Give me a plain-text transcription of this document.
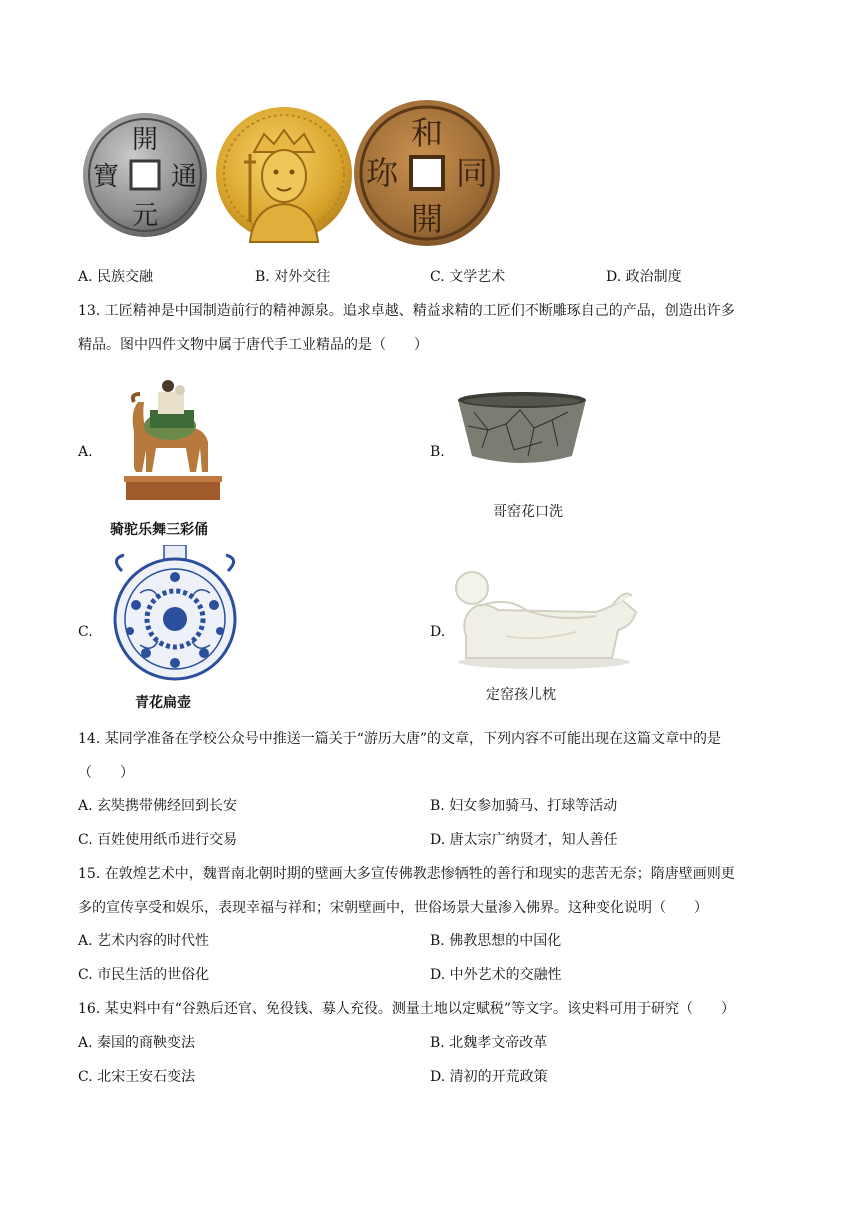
開
元
通
寶
和
同
開
珎
A. 民族交融	B. 对外交往	C. 文学艺术	D. 政治制度
13. 工匠精神是中国制造前行的精神源泉。追求卓越、精益求精的工匠们不断雕琢自己的产品，创造出许多
精品。图中四件文物中属于唐代手工业精品的是（　　）
A.
骑驼乐舞三彩俑
B.
哥窑花口洗
C.
青花扁壶
D.
定窑孩儿枕
14. 某同学准备在学校公众号中推送一篇关于“游历大唐”的文章，下列内容不可能出现在这篇文章中的是
（　　）
A. 玄奘携带佛经回到长安	B. 妇女参加骑马、打球等活动
C. 百姓使用纸币进行交易	D. 唐太宗广纳贤才，知人善任
15. 在敦煌艺术中，魏晋南北朝时期的壁画大多宣传佛教悲惨牺牲的善行和现实的悲苦无奈；隋唐壁画则更
多的宣传享受和娱乐，表现幸福与祥和；宋朝壁画中，世俗场景大量渗入佛界。这种变化说明（　　）
A. 艺术内容的时代性	B. 佛教思想的中国化
C. 市民生活的世俗化	D. 中外艺术的交融性
16. 某史料中有“谷熟后还官、免役钱、募人充役。测量土地以定赋税”等文字。该史料可用于研究（　　）
A. 秦国的商鞅变法	B. 北魏孝文帝改革
C. 北宋王安石变法	D. 清初的开荒政策
